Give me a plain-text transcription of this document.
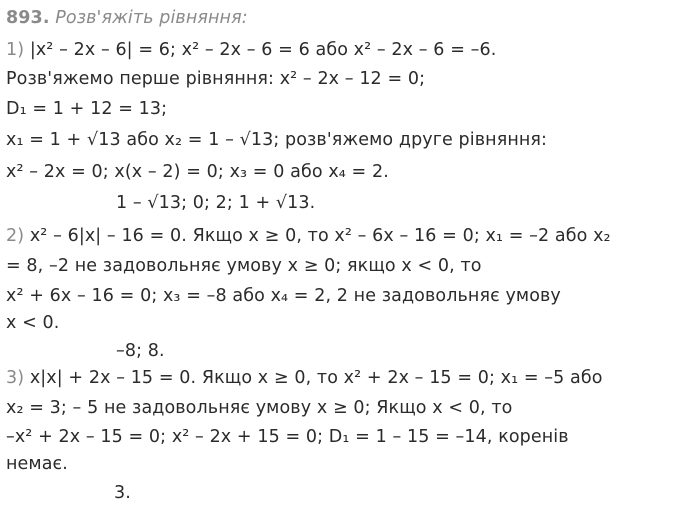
893. Розв'яжіть рівняння:
1) |x² – 2x – 6| = 6; x² – 2x – 6 = 6 або x² – 2x – 6 = –6.
Розв'яжемо перше рівняння: x² – 2x – 12 = 0;
D₁ = 1 + 12 = 13;
x₁ = 1 + √13 або x₂ = 1 – √13; розв'яжемо друге рівняння:
x² – 2x = 0; x(x – 2) = 0; x₃ = 0 або x₄ = 2.
1 – √13; 0; 2; 1 + √13.
2) x² – 6|x| – 16 = 0. Якщо x ≥ 0, то x² – 6x – 16 = 0; x₁ = –2 або x₂
= 8, –2 не задовольняє умову x ≥ 0; якщо x < 0, то
x² + 6x – 16 = 0; x₃ = –8 або x₄ = 2, 2 не задовольняє умову
x < 0.
–8; 8.
3) x|x| + 2x – 15 = 0. Якщо x ≥ 0, то x² + 2x – 15 = 0; x₁ = –5 або
x₂ = 3; – 5 не задовольняє умову x ≥ 0; Якщо x < 0, то
–x² + 2x – 15 = 0; x² – 2x + 15 = 0; D₁ = 1 – 15 = –14, коренів
немає.
3.
